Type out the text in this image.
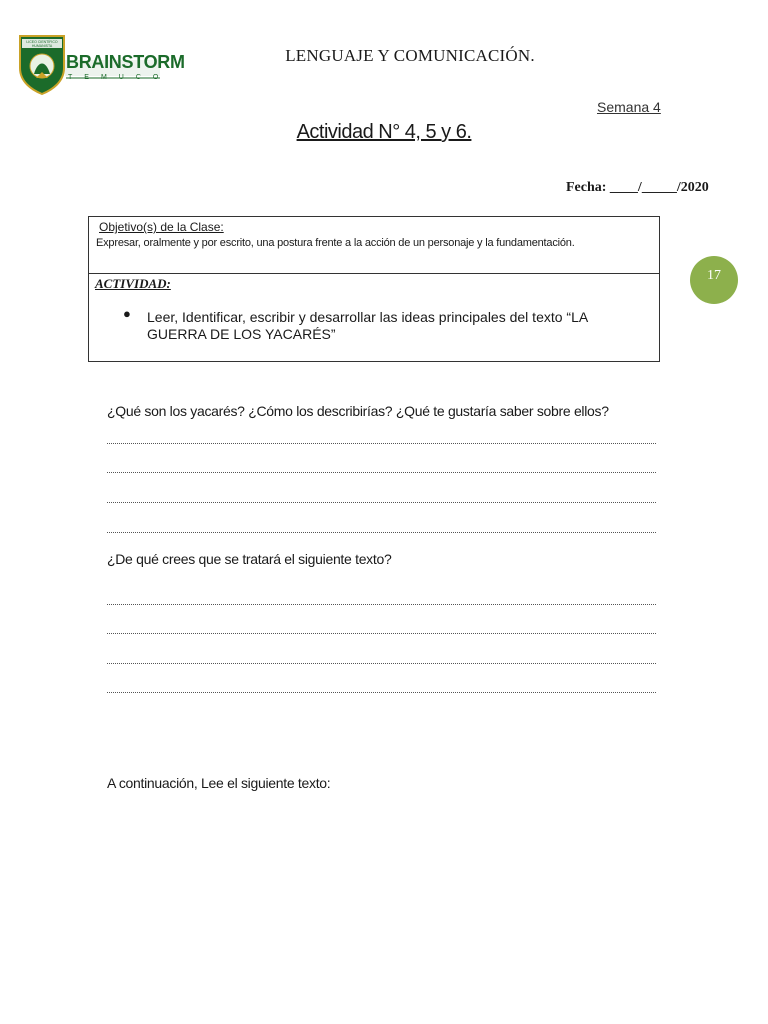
BRAINSTORM
TEMUCO
LICEO CIENTÍFICO HUMANISTA	LENGUAJE Y COMUNICACIÓN.
Semana 4
Actividad N° 4, 5 y 6.
Fecha: ____/_____/2020
Objetivo(s) de la Clase:
Expresar, oralmente y por escrito, una postura frente a la acción de un personaje y la fundamentación.
ACTIVIDAD:
● Leer, Identificar, escribir y desarrollar las ideas principales del texto “LA GUERRA DE LOS YACARÉS”
17
¿Qué son los yacarés? ¿Cómo los describirías? ¿Qué te gustaría saber sobre ellos?
¿De qué crees que se tratará el siguiente texto?
A continuación, Lee el siguiente texto:
